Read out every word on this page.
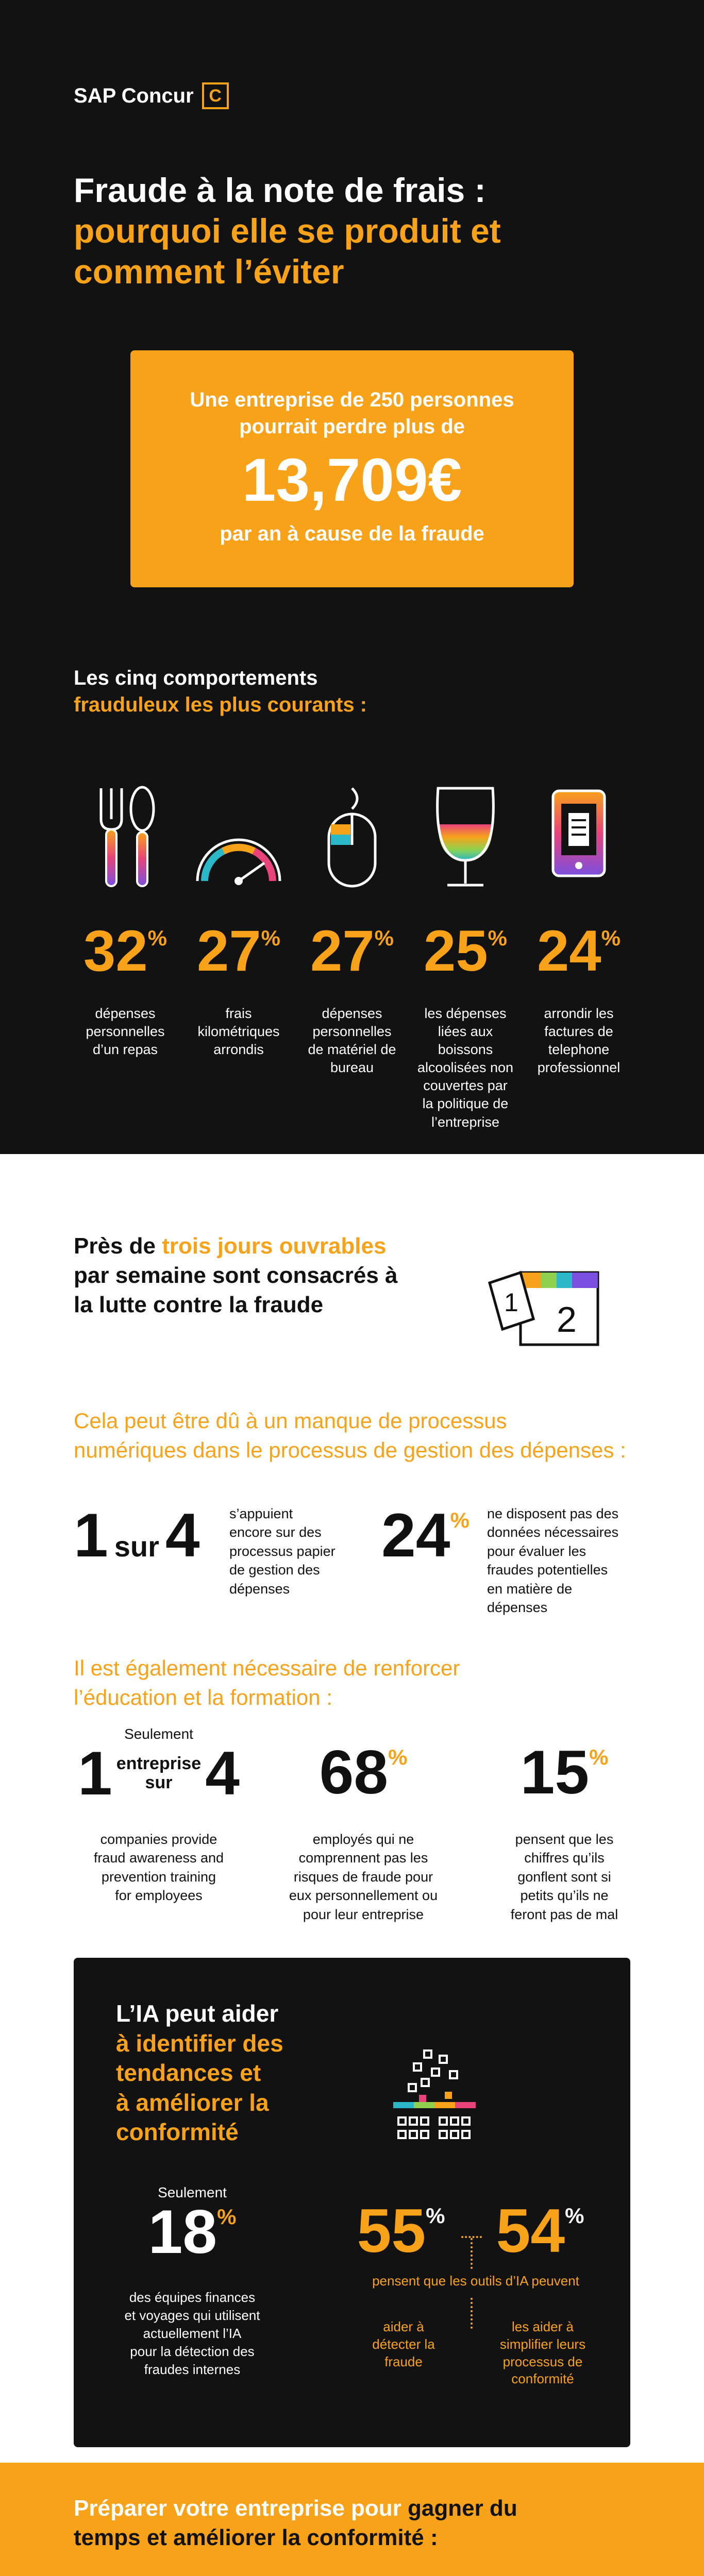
SAP Concur C
Fraude à la note de frais :
pourquoi elle se produit et
comment l’éviter
Une entreprise de 250 personnes
pourrait perdre plus de
13,709€
par an à cause de la fraude
Les cinq comportements
frauduleux les plus courants :
32%
dépenses
personnelles
d’un repas
27%
frais
kilométriques
arrondis
27%
dépenses
personnelles
de matériel de
bureau
25%
les dépenses
liées aux
boissons
alcoolisées non
couvertes par
la politique de
l’entreprise
24%
arrondir les
factures de
telephone
professionnel
Près de trois jours ouvrables
par semaine sont consacrés à
la lutte contre la fraude	2
1
Cela peut être dû à un manque de processus
numériques dans le processus de gestion des dépenses :
1 sur 4 s’appuient
encore sur des
processus papier
de gestion des
dépenses
24% ne disposent pas des
données nécessaires
pour évaluer les
fraudes potentielles
en matière de
dépenses
Il est également nécessaire de renforcer
l’éducation et la formation :
Seulement
1 entreprise
sur 4
companies provide
fraud awareness and
prevention training
for employees
68%
employés qui ne
comprennent pas les
risques de fraude pour
eux personnellement ou
pour leur entreprise
15%
pensent que les
chiffres qu’ils
gonflent sont si
petits qu’ils ne
feront pas de mal
L’IA peut aider
à identifier des
tendances et
à améliorer la
conformité
Seulement
18%
des équipes finances
et voyages qui utilisent
actuellement l’IA
pour la détection des
fraudes internes
55% 54%
pensent que les outils d’IA peuvent
aider à
détecter la
fraude
les aider à
simplifier leurs
processus de
conformité
Préparer votre entreprise pour gagner du
temps et améliorer la conformité :
